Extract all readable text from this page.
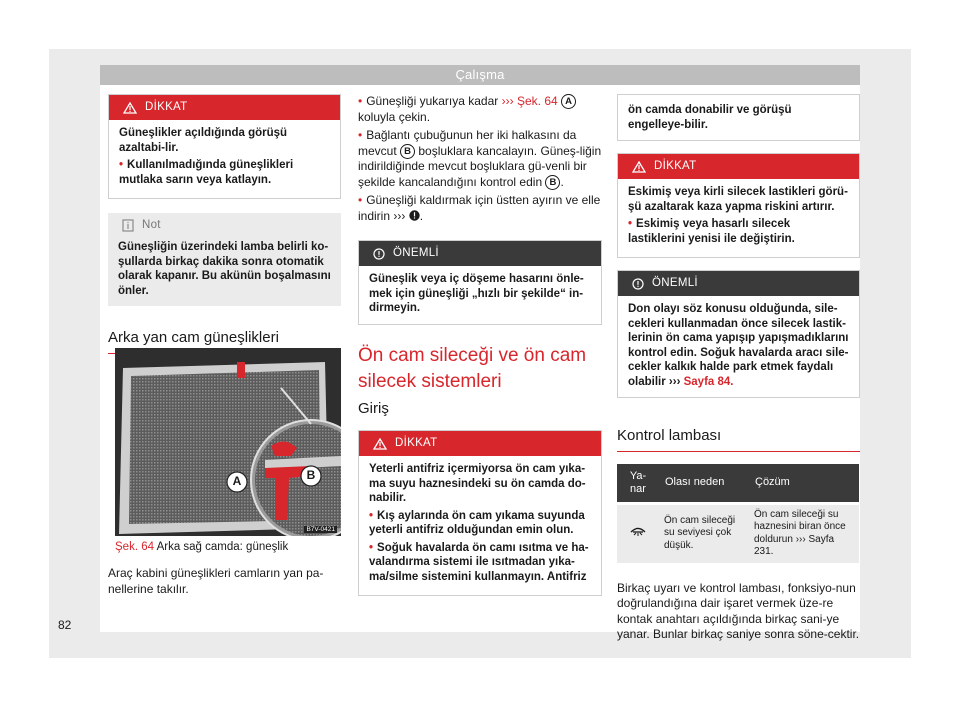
Çalışma
82
DİKKAT
Güneşlikler açıldığında görüşü azaltabi-lir.
• Kullanılmadığında güneşlikleri mutlaka sarın veya katlayın.
Not
Güneşliğin üzerindeki lamba belirli ko-şullarda birkaç dakika sonra otomatik olarak kapanır. Bu akünün boşalmasını önler.
Arka yan cam güneşlikleri
A	B
B7V-0421
Şek. 64 Arka sağ camda: güneşlik
Araç kabini güneşlikleri camların yan pa-nellerine takılır.
• Güneşliği yukarıya kadar ››› Şek. 64 A koluyla çekin.
• Bağlantı çubuğunun her iki halkasını da mevcut B boşluklara kancalayın. Güneş-liğin indirildiğinde mevcut boşluklara gü-venli bir şekilde kancalandığını kontrol edin B .
• Güneşliği kaldırmak için üstten ayırın ve elle indirin ››› .
ÖNEMLİ
Güneşlik veya iç döşeme hasarını önle-mek için güneşliği „hızlı bir şekilde“ in-dirmeyin.
Ön cam sileceği ve ön cam silecek sistemleri
Giriş
DİKKAT
Yeterli antifriz içermiyorsa ön cam yıka-ma suyu haznesindeki su ön camda do-nabilir.
• Kış aylarında ön cam yıkama suyunda yeterli antifriz olduğundan emin olun.
• Soğuk havalarda ön camı ısıtma ve ha-valandırma sistemi ile ısıtmadan yıka-ma/silme sistemini kullanmayın. Antifriz
ön camda donabilir ve görüşü engelleye-bilir.
DİKKAT
Eskimiş veya kirli silecek lastikleri görü-şü azaltarak kaza yapma riskini artırır.
• Eskimiş veya hasarlı silecek lastiklerini yenisi ile değiştirin.
ÖNEMLİ
Don olayı söz konusu olduğunda, sile-cekleri kullanmadan önce silecek lastik-lerinin ön cama yapışıp yapışmadıklarını kontrol edin. Soğuk havalarda aracı sile-cekler kalkık halde park etmek faydalı olabilir ››› Sayfa 84.
Kontrol lambası
Ya-nar	Olası neden	Çözüm
	Ön cam sileceği su seviyesi çok düşük.	Ön cam sileceği su haznesini biran önce doldurun ››› Sayfa 231.
Birkaç uyarı ve kontrol lambası, fonksiyo-nun doğrulandığına dair işaret vermek üze-re kontak anahtarı açıldığında birkaç sani-ye yanar. Bunlar birkaç saniye sonra söne-cektir.
